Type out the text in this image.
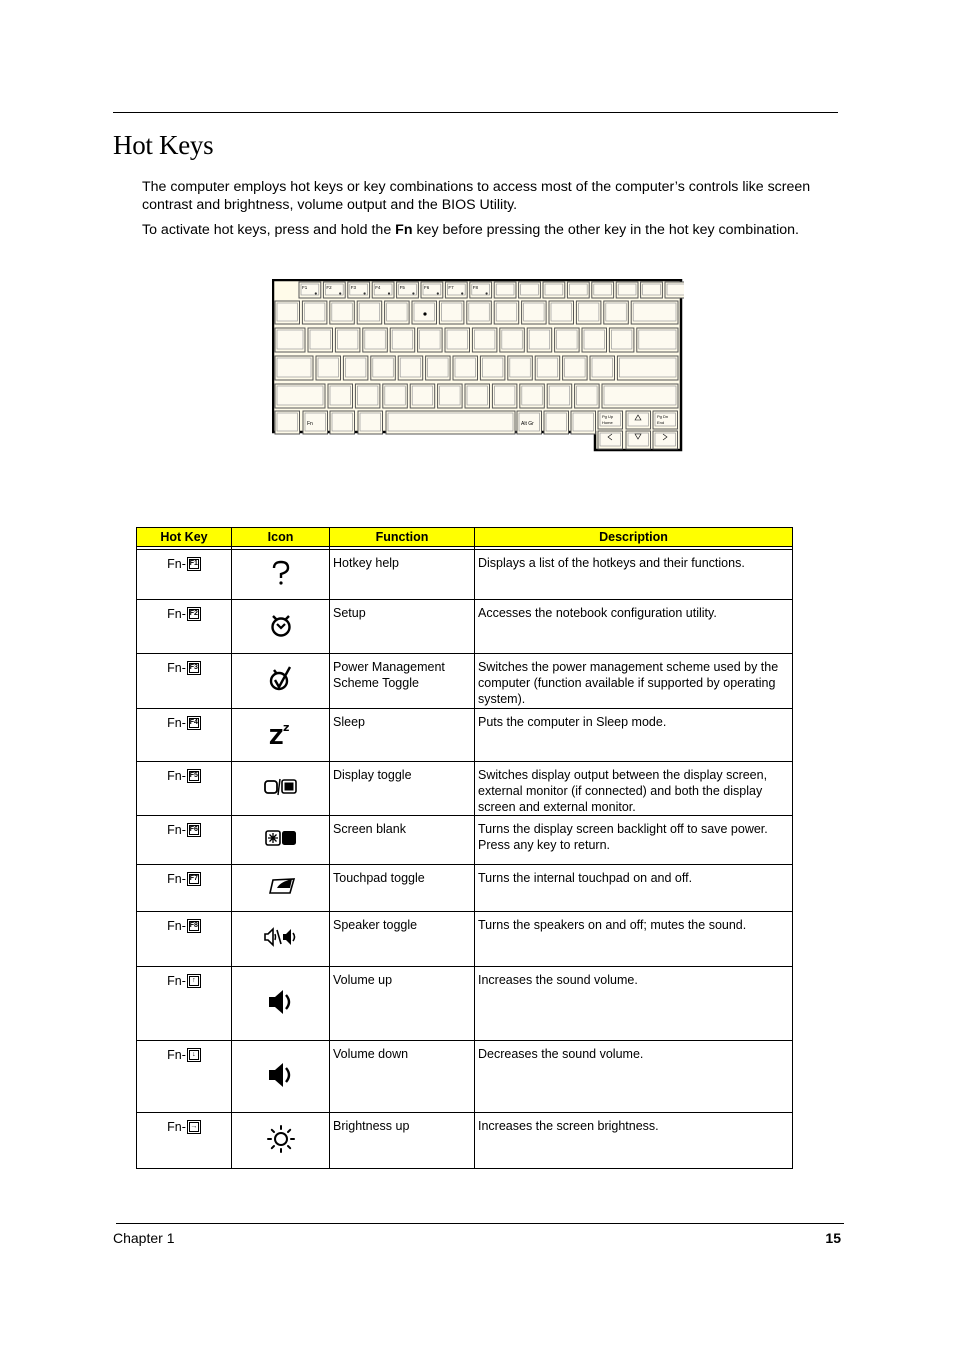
Hot Keys

The computer employs hot keys or key combinations to access most of the computer’s controls like screen contrast and brightness, volume output and the BIOS Utility.

To activate hot keys, press and hold the Fn key before pressing the other key in the hot key combination.

F1	F2	F3	F4	F5	F6	F7	F8
Fn	Alt Gr
Pg Up
Home
Pg Dn
End
Hot Key	Icon	Function	Description

Fn- F1		Hotkey help	Displays a list of the hotkeys and their functions.

Fn- F2		Setup	Accesses the notebook configuration utility.

Fn- F3		Power Management Scheme Toggle	Switches the power management scheme used by the computer (function available if supported by operating system).

Fn- F4	Z z	Sleep	Puts the computer in Sleep mode.

Fn- F5		Display toggle	Switches display output between the display screen, external monitor (if connected) and both the display screen and external monitor.

Fn- F6		Screen blank	Turns the display screen backlight off to save power. Press any key to return.

Fn- F7		Touchpad toggle	Turns the internal touchpad on and off.

Fn- F8		Speaker toggle	Turns the speakers on and off; mutes the sound.

Fn- ↑		Volume up	Increases the sound volume.

Fn- ↓		Volume down	Decreases the sound volume.

Fn- →		Brightness up	Increases the screen brightness.
Chapter 1	15
